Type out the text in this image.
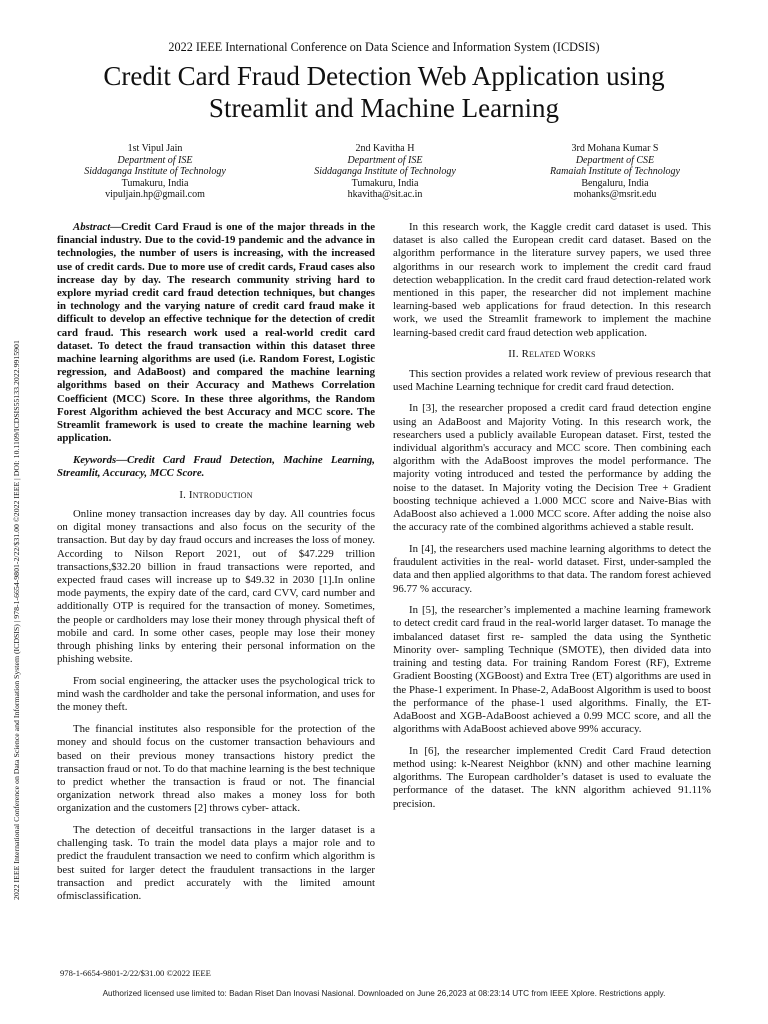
2022 IEEE International Conference on Data Science and Information System (ICDSIS)
Credit Card Fraud Detection Web Application using
Streamlit and Machine Learning
2022 IEEE International Conference on Data Science and Information System (ICDSIS) | 978-1-6654-9801-2/22/$31.00 ©2022 IEEE | DOI: 10.1109/ICDSIS55133.2022.9915901
1st Vipul Jain
Department of ISE
Siddaganga Institute of Technology
Tumakuru, India
vipuljain.hp@gmail.com
2nd Kavitha H
Department of ISE
Siddaganga Institute of Technology
Tumakuru, India
hkavitha@sit.ac.in
3rd Mohana Kumar S
Department of CSE
Ramaiah Institute of Technology
Bengaluru, India
mohanks@msrit.edu

Abstract—Credit Card Fraud is one of the major threads in the financial industry. Due to the covid-19 pandemic and the advance in technologies, the number of users is increasing, with the increased use of credit cards. Due to more use of credit cards, Fraud cases also increase day by day. The research community striving hard to explore myriad credit card fraud detection techniques, but changes in technology and the varying nature of credit card fraud make it difficult to develop an effective technique for the detection of credit card fraud. This research work used a real-world credit card dataset. To detect the fraud transaction within this dataset three machine learning algorithms are used (i.e. Random Forest, Logistic regression, and AdaBoost) and compared the machine learning algorithms based on their Accuracy and Mathews Correlation Coefficient (MCC) Score. In these three algorithms, the Random Forest Algorithm achieved the best Accuracy and MCC score. The Streamlit framework is used to create the machine learning web application.

Keywords—Credit Card Fraud Detection, Machine Learning, Streamlit, Accuracy, MCC Score.

I. Introduction

Online money transaction increases day by day. All countries focus on digital money transactions and also focus on the security of the transaction. But day by day fraud occurs and increases the loss of money. According to Nilson Report 2021, out of $47.229 trillion transactions,$32.20 billion in fraud transactions were reported, and expected fraud cases will increase up to $49.32 in 2030 [1].In online mode payments, the expiry date of the card, card CVV, card number and additionally OTP is required for the transaction of money. Sometimes, the people or cardholders may lose their money through physical theft of mobile and card. In some other cases, people may lose their money through phishing links by entering their personal information on the phishing website.

From social engineering, the attacker uses the psychological trick to mind wash the cardholder and take the personal information, and uses for the money theft.

The financial institutes also responsible for the protection of the money and should focus on the customer transaction behaviours and based on their previous money transactions history predict the transaction fraud or not. To do that machine learning is the best technique to predict whether the transaction is fraud or not. The financial organization network thread also makes a money loss for both organization and the customers [2] throws cyber- attack.

The detection of deceitful transactions in the larger dataset is a challenging task. To train the model data plays a major role and to predict the fraudulent transaction we need to confirm which algorithm is best suited for larger detect the fraudulent transactions in the larger transaction and predict accurately with the limited amount ofmisclassification.

In this research work, the Kaggle credit card dataset is used. This dataset is also called the European credit card dataset. Based on the algorithm performance in the literature survey papers, we used three algorithms in our research work to implement the credit card fraud detection webapplication. In the credit card fraud detection-related work mentioned in this paper, the researcher did not implement machine learning-based web applications for fraud detection. In this research work, we used the Streamlit framework to implement the machine learning-based credit card fraud detection web application.

II. Related Works

This section provides a related work review of previous research that used Machine Learning technique for credit card fraud detection.

In [3], the researcher proposed a credit card fraud detection engine using an AdaBoost and Majority Voting. In this research work, the researchers used a publicly available European dataset. First, tested the individual algorithm's accuracy and MCC score. Then combining each algorithm with the AdaBoost improves the model performance. The majority voting introduced and tested the performance by adding the noise to the dataset. In Majority voting the Decision Tree + Gradient boosting technique achieved a 1.000 MCC score and Naive-Bias with AdaBoost also achieved a 1.000 MCC score. After adding the noise also the accuracy rate of the combined algorithms achieved a stable result.

In [4], the researchers used machine learning algorithms to detect the fraudulent activities in the real- world dataset. First, under-sampled the data and then applied algorithms to that data. The random forest achieved 96.77 % accuracy.

In [5], the researcher’s implemented a machine learning framework to detect credit card fraud in the real-world larger dataset. To manage the imbalanced dataset first re- sampled the data using the Synthetic Minority over- sampling Technique (SMOTE), then divided data into training and testing data. For training Random Forest (RF), Extreme Gradient Boosting (XGBoost) and Extra Tree (ET) algorithms are used in the Phase-1 experiment. In Phase-2, AdaBoost Algorithm is used to boost the performance of the phase-1 used algorithms. Finally, the ET-AdaBoost and XGB-AdaBoost achieved a 0.99 MCC score, and all the algorithms with AdaBoost achieved above 99% accuracy.

In [6], the researcher implemented Credit Card Fraud detection method using: k-Nearest Neighbor (kNN) and other machine learning algorithms. The European cardholder’s dataset is used to evaluate the performance of the dataset. The kNN algorithm achieved 91.11% precision.

978-1-6654-9801-2/22/$31.00 ©2022 IEEE
Authorized licensed use limited to: Badan Riset Dan Inovasi Nasional. Downloaded on June 26,2023 at 08:23:14 UTC from IEEE Xplore. Restrictions apply.
